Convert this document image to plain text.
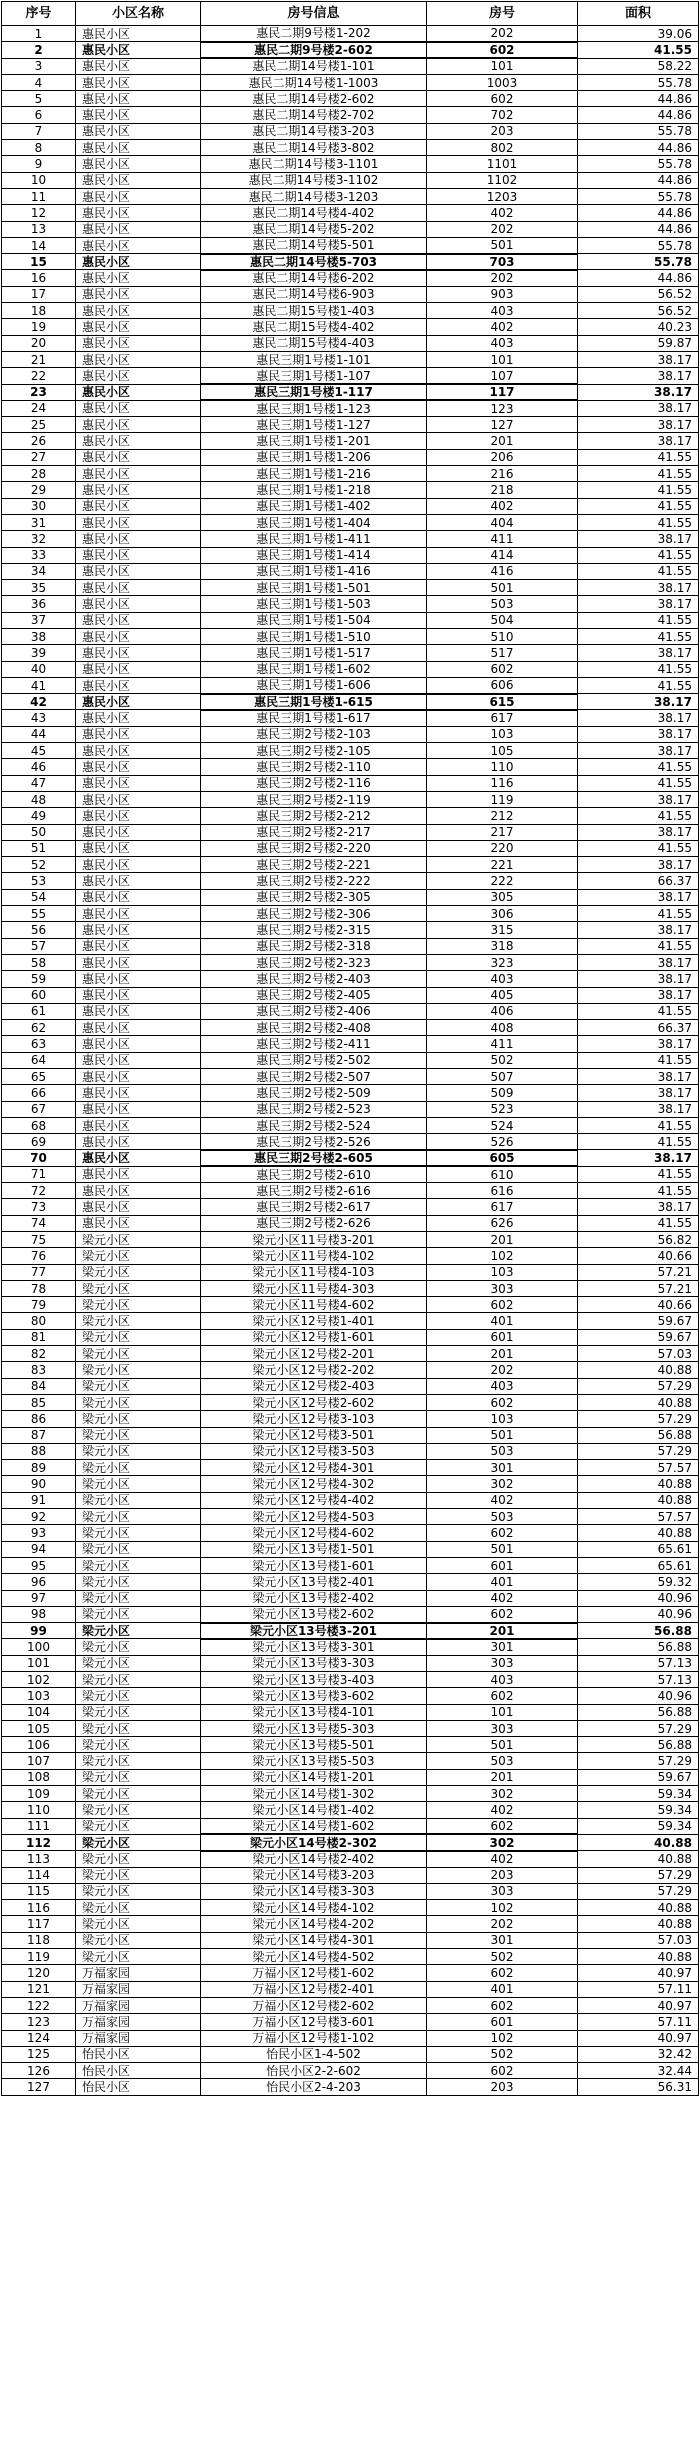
序号	小区名称	房号信息	房号	面积
1	惠民小区	惠民二期9号楼1-202	202	39.06
2	惠民小区	惠民二期9号楼2-602	602	41.55
3	惠民小区	惠民二期14号楼1-101	101	58.22
4	惠民小区	惠民二期14号楼1-1003	1003	55.78
5	惠民小区	惠民二期14号楼2-602	602	44.86
6	惠民小区	惠民二期14号楼2-702	702	44.86
7	惠民小区	惠民二期14号楼3-203	203	55.78
8	惠民小区	惠民二期14号楼3-802	802	44.86
9	惠民小区	惠民二期14号楼3-1101	1101	55.78
10	惠民小区	惠民二期14号楼3-1102	1102	44.86
11	惠民小区	惠民二期14号楼3-1203	1203	55.78
12	惠民小区	惠民二期14号楼4-402	402	44.86
13	惠民小区	惠民二期14号楼5-202	202	44.86
14	惠民小区	惠民二期14号楼5-501	501	55.78
15	惠民小区	惠民二期14号楼5-703	703	55.78
16	惠民小区	惠民二期14号楼6-202	202	44.86
17	惠民小区	惠民二期14号楼6-903	903	56.52
18	惠民小区	惠民二期15号楼1-403	403	56.52
19	惠民小区	惠民二期15号楼4-402	402	40.23
20	惠民小区	惠民二期15号楼4-403	403	59.87
21	惠民小区	惠民三期1号楼1-101	101	38.17
22	惠民小区	惠民三期1号楼1-107	107	38.17
23	惠民小区	惠民三期1号楼1-117	117	38.17
24	惠民小区	惠民三期1号楼1-123	123	38.17
25	惠民小区	惠民三期1号楼1-127	127	38.17
26	惠民小区	惠民三期1号楼1-201	201	38.17
27	惠民小区	惠民三期1号楼1-206	206	41.55
28	惠民小区	惠民三期1号楼1-216	216	41.55
29	惠民小区	惠民三期1号楼1-218	218	41.55
30	惠民小区	惠民三期1号楼1-402	402	41.55
31	惠民小区	惠民三期1号楼1-404	404	41.55
32	惠民小区	惠民三期1号楼1-411	411	38.17
33	惠民小区	惠民三期1号楼1-414	414	41.55
34	惠民小区	惠民三期1号楼1-416	416	41.55
35	惠民小区	惠民三期1号楼1-501	501	38.17
36	惠民小区	惠民三期1号楼1-503	503	38.17
37	惠民小区	惠民三期1号楼1-504	504	41.55
38	惠民小区	惠民三期1号楼1-510	510	41.55
39	惠民小区	惠民三期1号楼1-517	517	38.17
40	惠民小区	惠民三期1号楼1-602	602	41.55
41	惠民小区	惠民三期1号楼1-606	606	41.55
42	惠民小区	惠民三期1号楼1-615	615	38.17
43	惠民小区	惠民三期1号楼1-617	617	38.17
44	惠民小区	惠民三期2号楼2-103	103	38.17
45	惠民小区	惠民三期2号楼2-105	105	38.17
46	惠民小区	惠民三期2号楼2-110	110	41.55
47	惠民小区	惠民三期2号楼2-116	116	41.55
48	惠民小区	惠民三期2号楼2-119	119	38.17
49	惠民小区	惠民三期2号楼2-212	212	41.55
50	惠民小区	惠民三期2号楼2-217	217	38.17
51	惠民小区	惠民三期2号楼2-220	220	41.55
52	惠民小区	惠民三期2号楼2-221	221	38.17
53	惠民小区	惠民三期2号楼2-222	222	66.37
54	惠民小区	惠民三期2号楼2-305	305	38.17
55	惠民小区	惠民三期2号楼2-306	306	41.55
56	惠民小区	惠民三期2号楼2-315	315	38.17
57	惠民小区	惠民三期2号楼2-318	318	41.55
58	惠民小区	惠民三期2号楼2-323	323	38.17
59	惠民小区	惠民三期2号楼2-403	403	38.17
60	惠民小区	惠民三期2号楼2-405	405	38.17
61	惠民小区	惠民三期2号楼2-406	406	41.55
62	惠民小区	惠民三期2号楼2-408	408	66.37
63	惠民小区	惠民三期2号楼2-411	411	38.17
64	惠民小区	惠民三期2号楼2-502	502	41.55
65	惠民小区	惠民三期2号楼2-507	507	38.17
66	惠民小区	惠民三期2号楼2-509	509	38.17
67	惠民小区	惠民三期2号楼2-523	523	38.17
68	惠民小区	惠民三期2号楼2-524	524	41.55
69	惠民小区	惠民三期2号楼2-526	526	41.55
70	惠民小区	惠民三期2号楼2-605	605	38.17
71	惠民小区	惠民三期2号楼2-610	610	41.55
72	惠民小区	惠民三期2号楼2-616	616	41.55
73	惠民小区	惠民三期2号楼2-617	617	38.17
74	惠民小区	惠民三期2号楼2-626	626	41.55
75	梁元小区	梁元小区11号楼3-201	201	56.82
76	梁元小区	梁元小区11号楼4-102	102	40.66
77	梁元小区	梁元小区11号楼4-103	103	57.21
78	梁元小区	梁元小区11号楼4-303	303	57.21
79	梁元小区	梁元小区11号楼4-602	602	40.66
80	梁元小区	梁元小区12号楼1-401	401	59.67
81	梁元小区	梁元小区12号楼1-601	601	59.67
82	梁元小区	梁元小区12号楼2-201	201	57.03
83	梁元小区	梁元小区12号楼2-202	202	40.88
84	梁元小区	梁元小区12号楼2-403	403	57.29
85	梁元小区	梁元小区12号楼2-602	602	40.88
86	梁元小区	梁元小区12号楼3-103	103	57.29
87	梁元小区	梁元小区12号楼3-501	501	56.88
88	梁元小区	梁元小区12号楼3-503	503	57.29
89	梁元小区	梁元小区12号楼4-301	301	57.57
90	梁元小区	梁元小区12号楼4-302	302	40.88
91	梁元小区	梁元小区12号楼4-402	402	40.88
92	梁元小区	梁元小区12号楼4-503	503	57.57
93	梁元小区	梁元小区12号楼4-602	602	40.88
94	梁元小区	梁元小区13号楼1-501	501	65.61
95	梁元小区	梁元小区13号楼1-601	601	65.61
96	梁元小区	梁元小区13号楼2-401	401	59.32
97	梁元小区	梁元小区13号楼2-402	402	40.96
98	梁元小区	梁元小区13号楼2-602	602	40.96
99	梁元小区	梁元小区13号楼3-201	201	56.88
100	梁元小区	梁元小区13号楼3-301	301	56.88
101	梁元小区	梁元小区13号楼3-303	303	57.13
102	梁元小区	梁元小区13号楼3-403	403	57.13
103	梁元小区	梁元小区13号楼3-602	602	40.96
104	梁元小区	梁元小区13号楼4-101	101	56.88
105	梁元小区	梁元小区13号楼5-303	303	57.29
106	梁元小区	梁元小区13号楼5-501	501	56.88
107	梁元小区	梁元小区13号楼5-503	503	57.29
108	梁元小区	梁元小区14号楼1-201	201	59.67
109	梁元小区	梁元小区14号楼1-302	302	59.34
110	梁元小区	梁元小区14号楼1-402	402	59.34
111	梁元小区	梁元小区14号楼1-602	602	59.34
112	梁元小区	梁元小区14号楼2-302	302	40.88
113	梁元小区	梁元小区14号楼2-402	402	40.88
114	梁元小区	梁元小区14号楼3-203	203	57.29
115	梁元小区	梁元小区14号楼3-303	303	57.29
116	梁元小区	梁元小区14号楼4-102	102	40.88
117	梁元小区	梁元小区14号楼4-202	202	40.88
118	梁元小区	梁元小区14号楼4-301	301	57.03
119	梁元小区	梁元小区14号楼4-502	502	40.88
120	万福家园	万福小区12号楼1-602	602	40.97
121	万福家园	万福小区12号楼2-401	401	57.11
122	万福家园	万福小区12号楼2-602	602	40.97
123	万福家园	万福小区12号楼3-601	601	57.11
124	万福家园	万福小区12号楼1-102	102	40.97
125	怡民小区	怡民小区1-4-502	502	32.42
126	怡民小区	怡民小区2-2-602	602	32.44
127	怡民小区	怡民小区2-4-203	203	56.31
